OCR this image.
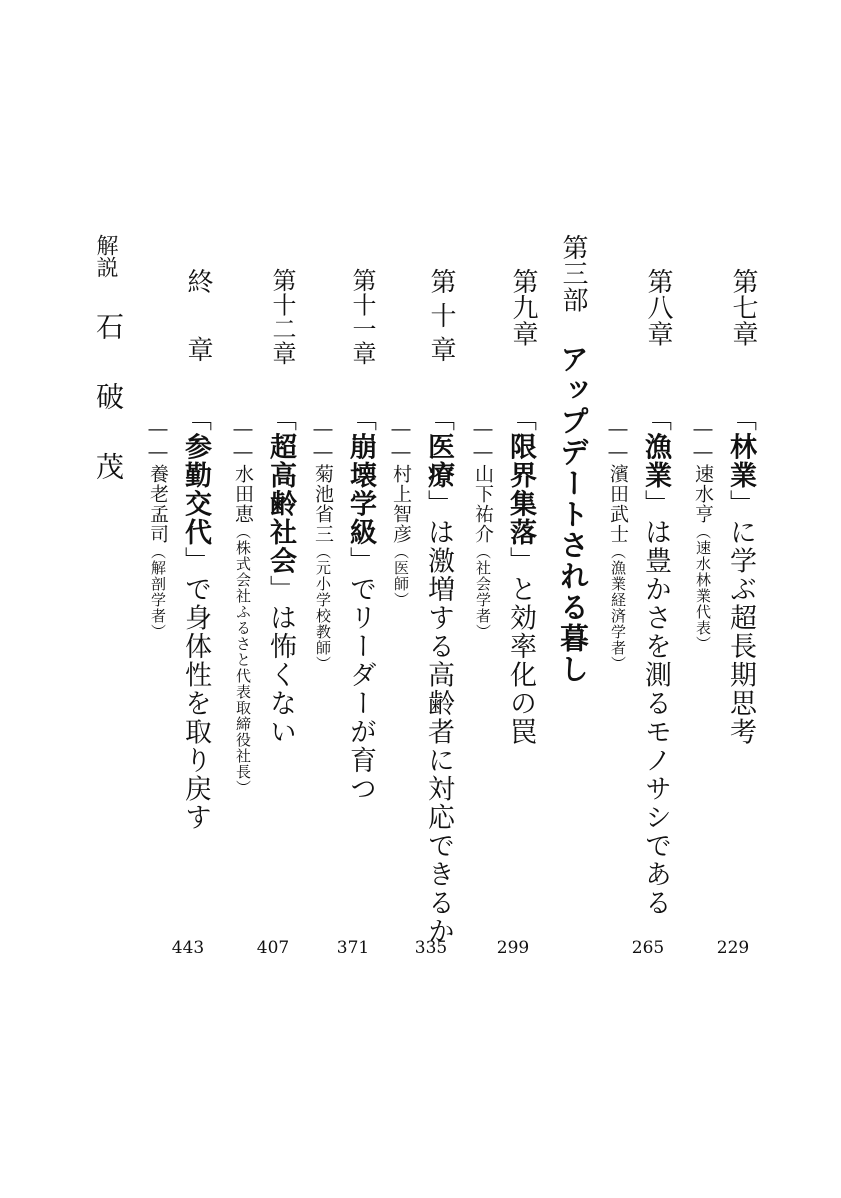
第七章
「林業」に学ぶ超長期思考
――速水亨（速水林業代表）
229
第八章
「漁業」は豊かさを測るモノサシである
――濱田武士（漁業経済学者）
265
第三部
アップデートされる暮し
第九章
「限界集落」と効率化の罠
――山下祐介（社会学者）
299
第十章
「医療」は激増する高齢者に対応できるか
――村上智彦（医師）
335
第十一章
「崩壊学級」でリーダーが育つ
――菊池省三（元小学校教師）
371
第十二章
「超高齢社会」は怖くない
――水田恵（株式会社ふるさと代表取締役社長）
407
終章
「参勤交代」で身体性を取り戻す
――養老孟司（解剖学者）
443
解説
石破茂
